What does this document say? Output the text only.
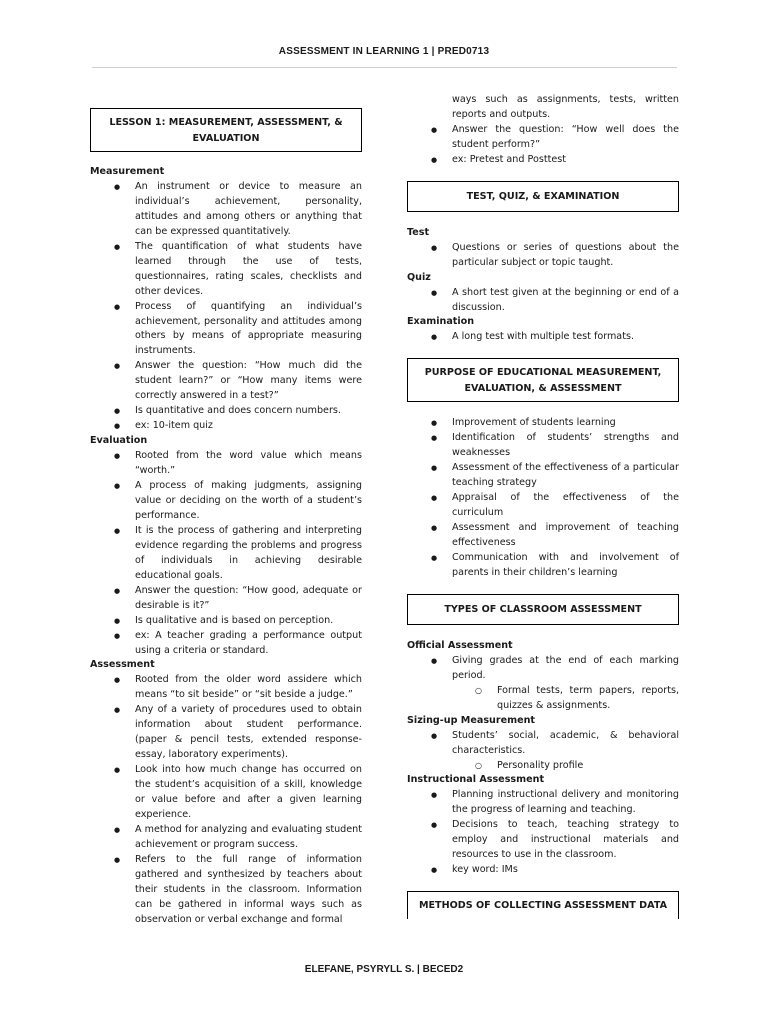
ASSESSMENT IN LEARNING 1 | PRED0713
LESSON 1: MEASUREMENT, ASSESSMENT, &
EVALUATION
Measurement
● An instrument or device to measure an individual’s achievement, personality, attitudes and among others or anything that can be expressed quantitatively.
● The quantification of what students have learned through the use of tests, questionnaires, rating scales, checklists and other devices.
● Process of quantifying an individual’s achievement, personality and attitudes among others by means of appropriate measuring instruments.
● Answer the question: “How much did the student learn?” or “How many items were correctly answered in a test?”
● Is quantitative and does concern numbers.
● ex: 10-item quiz
Evaluation
● Rooted from the word value which means “worth.”
● A process of making judgments, assigning value or deciding on the worth of a student’s performance.
● It is the process of gathering and interpreting evidence regarding the problems and progress of individuals in achieving desirable educational goals.
● Answer the question: “How good, adequate or desirable is it?”
● Is qualitative and is based on perception.
● ex: A teacher grading a performance output using a criteria or standard.
Assessment
● Rooted from the older word assidere which means “to sit beside” or “sit beside a judge.”
● Any of a variety of procedures used to obtain information about student performance. (paper & pencil tests, extended response-essay, laboratory experiments).
● Look into how much change has occurred on the student’s acquisition of a skill, knowledge or value before and after a given learning experience.
● A method for analyzing and evaluating student achievement or program success.
● Refers to the full range of information gathered and synthesized by teachers about their students in the classroom. Information can be gathered in informal ways such as observation or verbal exchange and formal
ways such as assignments, tests, written reports and outputs.
● Answer the question: “How well does the student perform?”
● ex: Pretest and Posttest
TEST, QUIZ, & EXAMINATION
Test
● Questions or series of questions about the particular subject or topic taught.
Quiz
● A short test given at the beginning or end of a discussion.
Examination
● A long test with multiple test formats.
PURPOSE OF EDUCATIONAL MEASUREMENT,
EVALUATION, & ASSESSMENT
● Improvement of students learning
● Identification of students’ strengths and weaknesses
● Assessment of the effectiveness of a particular teaching strategy
● Appraisal of the effectiveness of the curriculum
● Assessment and improvement of teaching effectiveness
● Communication with and involvement of parents in their children’s learning
TYPES OF CLASSROOM ASSESSMENT
Official Assessment
● Giving grades at the end of each marking period.
○ Formal tests, term papers, reports, quizzes & assignments.
Sizing-up Measurement
● Students’ social, academic, & behavioral characteristics.
○ Personality profile
Instructional Assessment
● Planning instructional delivery and monitoring the progress of learning and teaching.
● Decisions to teach, teaching strategy to employ and instructional materials and resources to use in the classroom.
● key word: IMs
METHODS OF COLLECTING ASSESSMENT DATA
ELEFANE, PSYRYLL S. | BECED2
